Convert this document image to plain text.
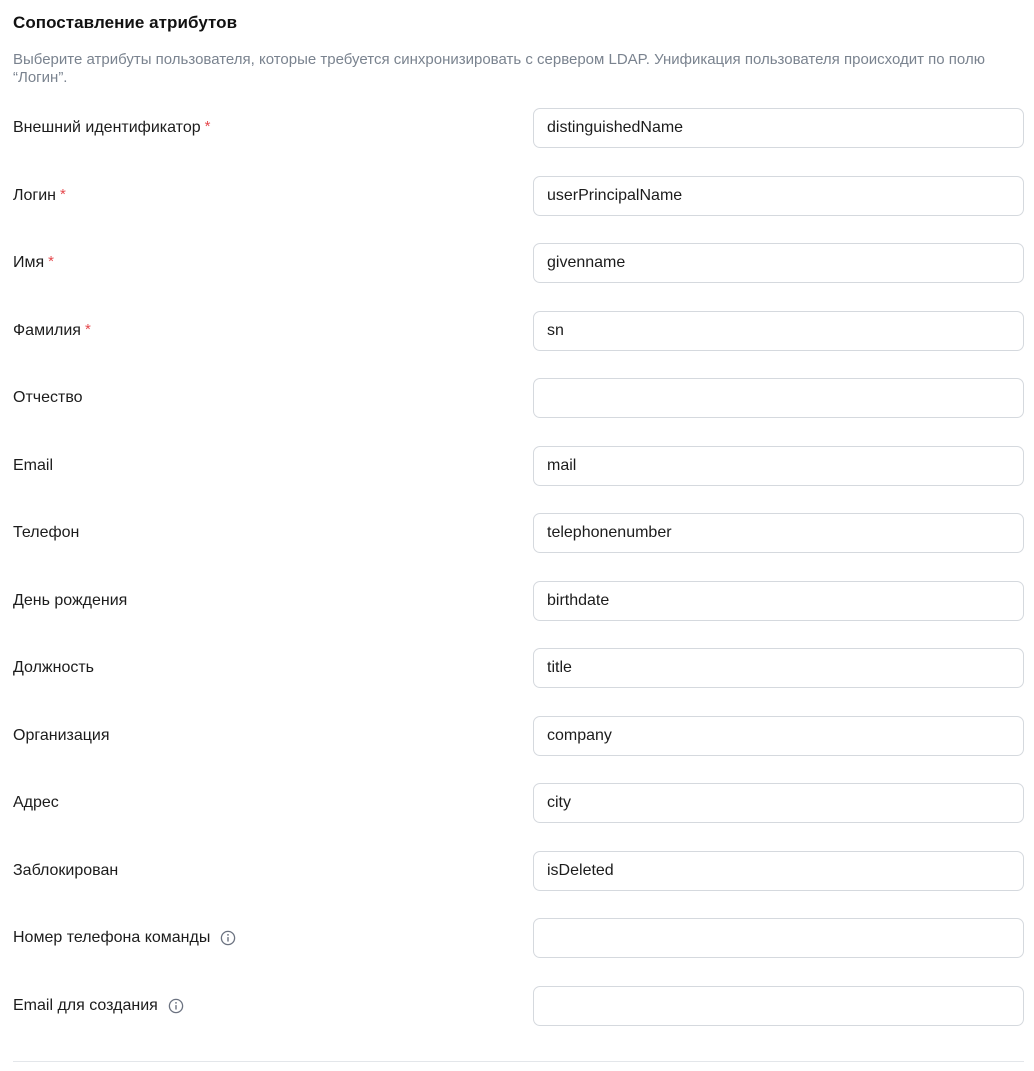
Сопоставление атрибутов
Выберите атрибуты пользователя, которые требуется синхронизировать с сервером LDAP. Унификация пользователя происходит по полю “Логин”.
Внешний идентификатор *
distinguishedName
Логин *
userPrincipalName
Имя *
givenname
Фамилия *
sn
Отчество
Email
mail
Телефон
telephonenumber
День рождения
birthdate
Должность
title
Организация
company
Адрес
city
Заблокирован
isDeleted
Номер телефона команды
Email для создания
